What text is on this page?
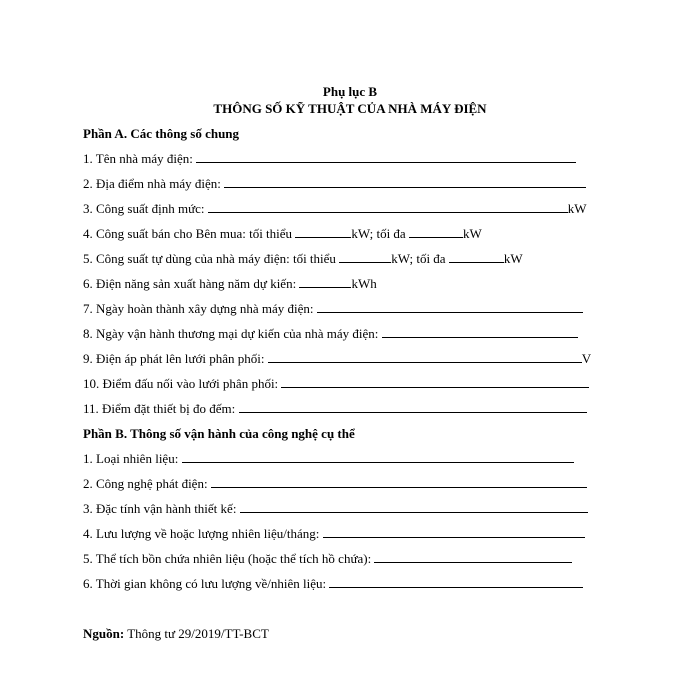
Phụ lục B
THÔNG SỐ KỸ THUẬT CỦA NHÀ MÁY ĐIỆN
Phần A. Các thông số chung
1. Tên nhà máy điện:
2. Địa điểm nhà máy điện:
3. Công suất định mức:	kW
4. Công suất bán cho Bên mua: tối thiểu	kW; tối đa	kW
5. Công suất tự dùng của nhà máy điện: tối thiểu	kW; tối đa	kW
6. Điện năng sản xuất hàng năm dự kiến:	kWh
7. Ngày hoàn thành xây dựng nhà máy điện:
8. Ngày vận hành thương mại dự kiến của nhà máy điện:
9. Điện áp phát lên lưới phân phối:	V
10. Điểm đấu nối vào lưới phân phối:
11. Điểm đặt thiết bị đo đếm:
Phần B. Thông số vận hành của công nghệ cụ thể
1. Loại nhiên liệu:
2. Công nghệ phát điện:
3. Đặc tính vận hành thiết kế:
4. Lưu lượng về hoặc lượng nhiên liệu/tháng:
5. Thể tích bồn chứa nhiên liệu (hoặc thể tích hồ chứa):
6. Thời gian không có lưu lượng về/nhiên liệu:
Nguồn: Thông tư 29/2019/TT-BCT
